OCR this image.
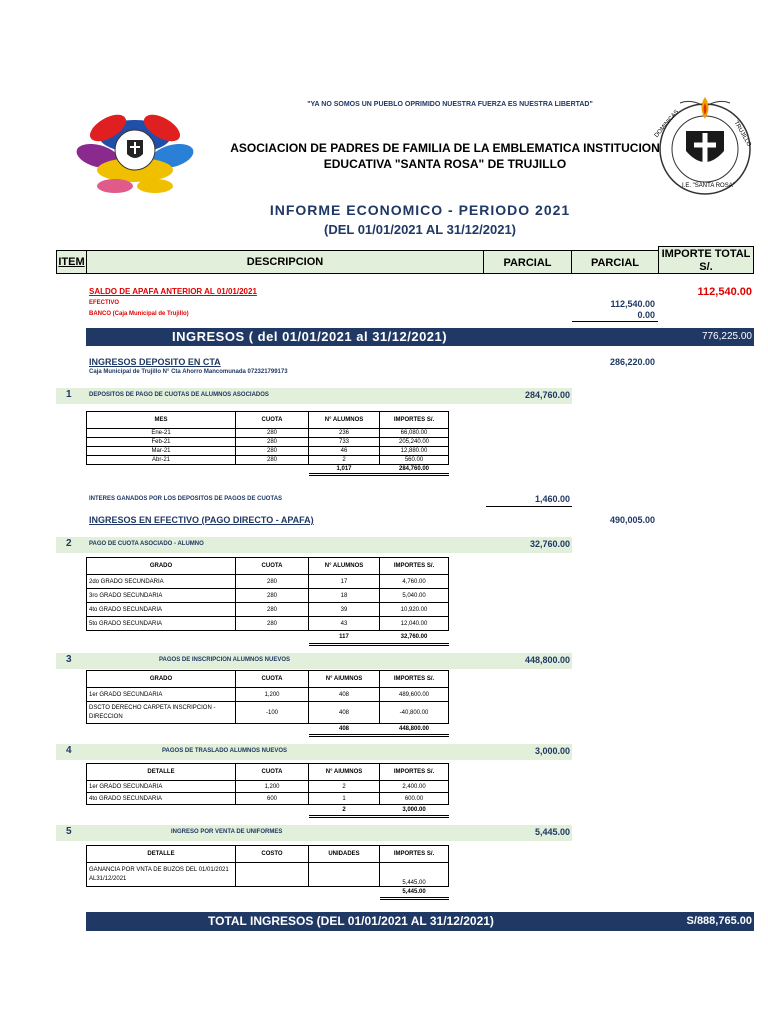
"YA NO SOMOS UN PUEBLO OPRIMIDO NUESTRA FUERZA ES NUESTRA LIBERTAD"
ASOCIACION DE PADRES DE FAMILIA DE LA EMBLEMATICA INSTITUCION
EDUCATIVA "SANTA ROSA" DE TRUJILLO
DOMINICAS	TRUJILLO
I.E. "SANTA ROSA"
INFORME ECONOMICO - PERIODO 2021
(DEL 01/01/2021 AL 31/12/2021)
ITEM	DESCRIPCION	PARCIAL	PARCIAL
IMPORTE TOTAL S/.
SALDO DE APAFA ANTERIOR AL 01/01/2021	112,540.00
EFECTIVO	112,540.00
BANCO (Caja Municipal de Trujillo)	0.00
INGRESOS ( del 01/01/2021 al 31/12/2021)	776,225.00
INGRESOS DEPOSITO EN CTA	286,220.00
Caja Municipal de Trujillo N° Cta Ahorro Mancomunada 072321799173
1	DEPOSITOS DE PAGO DE CUOTAS DE ALUMNOS ASOCIADOS	284,760.00
MES	CUOTA	N° ALUMNOS	IMPORTES S/.
Ene-21	280	236	66,080.00
Feb-21	280	733	205,240.00
Mar-21	280	46	12,880.00
Abr-21	280	2	560.00
		1,017	284,760.00
INTERES GANADOS POR LOS DEPOSITOS DE PAGOS DE CUOTAS	1,460.00
INGRESOS EN EFECTIVO (PAGO DIRECTO - APAFA)	490,005.00
2	PAGO DE CUOTA ASOCIADO - ALUMNO	32,760.00
GRADO	CUOTA	N° ALUMNOS	IMPORTES S/.
2do GRADO SECUNDARIA	280	17	4,760.00
3ro GRADO SECUNDARIA	280	18	5,040.00
4to GRADO SECUNDARIA	280	39	10,920.00
5to GRADO SECUNDARIA	280	43	12,040.00
		117	32,760.00
3	PAGOS DE INSCRIPCION ALUMNOS NUEVOS	448,800.00
GRADO	CUOTA	N° AlUMNOS	IMPORTES S/.
1er GRADO SECUNDARIA	1,200	408	489,600.00
DSCTO DERECHO CARPETA INSCRIPCION - DIRECCION	-100	408	-40,800.00
		408	448,800.00
4	PAGOS DE TRASLADO ALUMNOS NUEVOS	3,000.00
DETALLE	CUOTA	N° AlUMNOS	IMPORTES S/.
1er GRADO SECUNDARIA	1,200	2	2,400.00
4to GRADO SECUNDARIA	600	1	600.00
		2	3,000.00
5	INGRESO POR VENTA DE UNIFORMES	5,445.00
DETALLE	COSTO	UNIDADES	IMPORTES S/.
GANANCIA POR VNTA DE BUZOS DEL 01/01/2021 AL31/12/2021			5,445.00
			5,445.00
TOTAL INGRESOS (DEL 01/01/2021 AL 31/12/2021)	S/888,765.00
